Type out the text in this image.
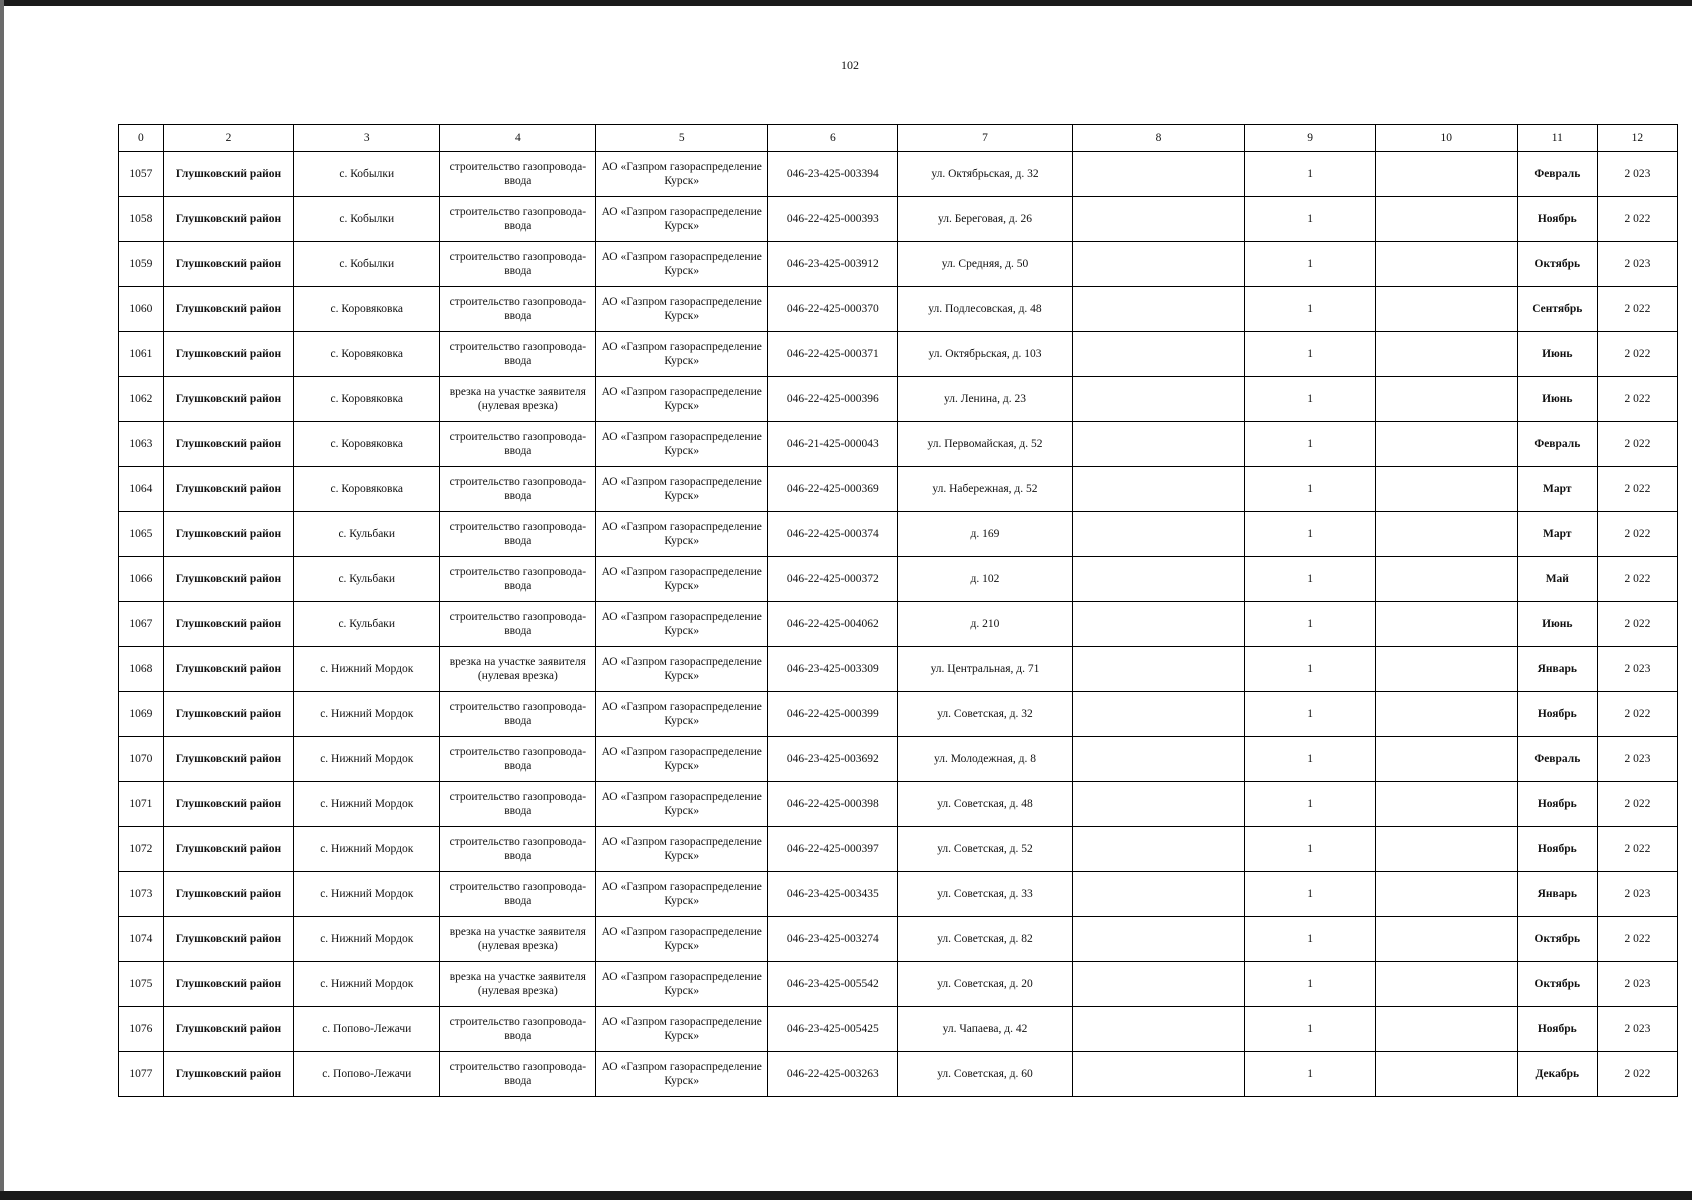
102
0	2	3	4	5	6	7	8	9	10	11	12
1057	Глушковский район	с. Кобылки	строительство газопровода-ввода	АО «Газпром газораспределение Курск»	046-23-425-003394	ул. Октябрьская, д. 32		1		Февраль	2 023
1058	Глушковский район	с. Кобылки	строительство газопровода-ввода	АО «Газпром газораспределение Курск»	046-22-425-000393	ул. Береговая, д. 26		1		Ноябрь	2 022
1059	Глушковский район	с. Кобылки	строительство газопровода-ввода	АО «Газпром газораспределение Курск»	046-23-425-003912	ул. Средняя, д. 50		1		Октябрь	2 023
1060	Глушковский район	с. Коровяковка	строительство газопровода-ввода	АО «Газпром газораспределение Курск»	046-22-425-000370	ул. Подлесовская, д. 48		1		Сентябрь	2 022
1061	Глушковский район	с. Коровяковка	строительство газопровода-ввода	АО «Газпром газораспределение Курск»	046-22-425-000371	ул. Октябрьская, д. 103		1		Июнь	2 022
1062	Глушковский район	с. Коровяковка	врезка на участке заявителя (нулевая врезка)	АО «Газпром газораспределение Курск»	046-22-425-000396	ул. Ленина, д. 23		1		Июнь	2 022
1063	Глушковский район	с. Коровяковка	строительство газопровода-ввода	АО «Газпром газораспределение Курск»	046-21-425-000043	ул. Первомайская, д. 52		1		Февраль	2 022
1064	Глушковский район	с. Коровяковка	строительство газопровода-ввода	АО «Газпром газораспределение Курск»	046-22-425-000369	ул. Набережная, д. 52		1		Март	2 022
1065	Глушковский район	с. Кульбаки	строительство газопровода-ввода	АО «Газпром газораспределение Курск»	046-22-425-000374	д. 169		1		Март	2 022
1066	Глушковский район	с. Кульбаки	строительство газопровода-ввода	АО «Газпром газораспределение Курск»	046-22-425-000372	д. 102		1		Май	2 022
1067	Глушковский район	с. Кульбаки	строительство газопровода-ввода	АО «Газпром газораспределение Курск»	046-22-425-004062	д. 210		1		Июнь	2 022
1068	Глушковский район	с. Нижний Мордок	врезка на участке заявителя (нулевая врезка)	АО «Газпром газораспределение Курск»	046-23-425-003309	ул. Центральная, д. 71		1		Январь	2 023
1069	Глушковский район	с. Нижний Мордок	строительство газопровода-ввода	АО «Газпром газораспределение Курск»	046-22-425-000399	ул. Советская, д. 32		1		Ноябрь	2 022
1070	Глушковский район	с. Нижний Мордок	строительство газопровода-ввода	АО «Газпром газораспределение Курск»	046-23-425-003692	ул. Молодежная, д. 8		1		Февраль	2 023
1071	Глушковский район	с. Нижний Мордок	строительство газопровода-ввода	АО «Газпром газораспределение Курск»	046-22-425-000398	ул. Советская, д. 48		1		Ноябрь	2 022
1072	Глушковский район	с. Нижний Мордок	строительство газопровода-ввода	АО «Газпром газораспределение Курск»	046-22-425-000397	ул. Советская, д. 52		1		Ноябрь	2 022
1073	Глушковский район	с. Нижний Мордок	строительство газопровода-ввода	АО «Газпром газораспределение Курск»	046-23-425-003435	ул. Советская, д. 33		1		Январь	2 023
1074	Глушковский район	с. Нижний Мордок	врезка на участке заявителя (нулевая врезка)	АО «Газпром газораспределение Курск»	046-23-425-003274	ул. Советская, д. 82		1		Октябрь	2 022
1075	Глушковский район	с. Нижний Мордок	врезка на участке заявителя (нулевая врезка)	АО «Газпром газораспределение Курск»	046-23-425-005542	ул. Советская, д. 20		1		Октябрь	2 023
1076	Глушковский район	с. Попово-Лежачи	строительство газопровода-ввода	АО «Газпром газораспределение Курск»	046-23-425-005425	ул. Чапаева, д. 42		1		Ноябрь	2 023
1077	Глушковский район	с. Попово-Лежачи	строительство газопровода-ввода	АО «Газпром газораспределение Курск»	046-22-425-003263	ул. Советская, д. 60		1		Декабрь	2 022
